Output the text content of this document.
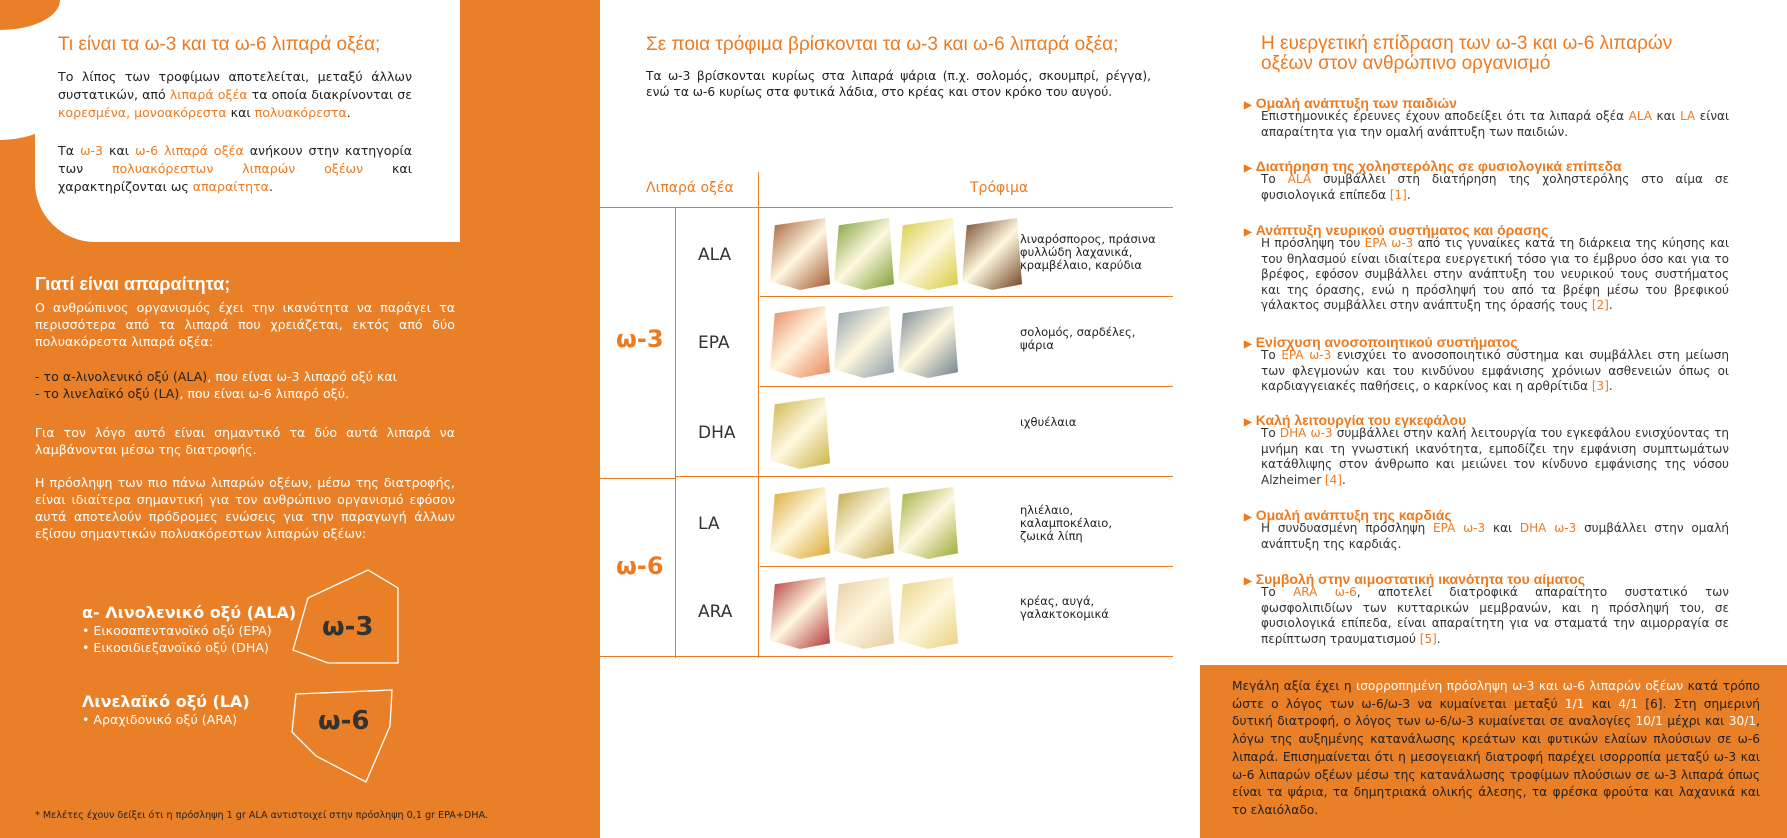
Τι είναι τα ω-3 και τα ω-6 λιπαρά οξέα;

Το λίπος των τροφίμων αποτελείται, μεταξύ άλλων συστατικών, από λιπαρά οξέα τα οποία διακρίνονται σε κορεσμένα, μονοακόρεστα και πολυακόρεστα.

Τα ω-3 και ω-6 λιπαρά οξέα ανήκουν στην κατηγορία των πολυακόρεστων λιπαρών οξέων και χαρακτηρίζονται ως απαραίτητα.

Γιατί είναι απαραίτητα;

Ο ανθρώπινος οργανισμός έχει την ικανότητα να παράγει τα περισσότερα από τα λιπαρά που χρειάζεται, εκτός από δύο πολυακόρεστα λιπαρά οξέα:

- το α-λινολενικό οξύ (ALA), που είναι ω-3 λιπαρό οξύ και
- το λινελαϊκό οξύ (LA), που είναι ω-6 λιπαρό οξύ.

Για τον λόγο αυτό είναι σημαντικό τα δύο αυτά λιπαρά να λαμβάνονται μέσω της διατροφής.

Η πρόσληψη των πιο πάνω λιπαρών οξέων, μέσω της διατροφής, είναι ιδιαίτερα σημαντική για τον ανθρώπινο οργανισμό εφόσον αυτά αποτελούν πρόδρομες ενώσεις για την παραγωγή άλλων εξίσου σημαντικών πολυακόρεστων λιπαρών οξέων:

α- Λινολενικό οξύ (ALA)
• Εικοσαπεντανοϊκό οξύ (EPA)
• Εικοσιδιεξανοϊκό οξύ (DHA)
ω-3
Λινελαϊκό οξύ (LA)
• Αραχιδονικό οξύ (ARA)	ω-6

* Μελέτες έχουν δείξει ότι η πρόσληψη 1 gr ALA αντιστοιχεί στην πρόσληψη 0,1 gr EPA+DHA.

Σε ποια τρόφιμα βρίσκονται τα ω-3 και ω-6 λιπαρά οξέα;

Τα ω-3 βρίσκονται κυρίως στα λιπαρά ψάρια (π.χ. σολομός, σκουμπρί, ρέγγα), ενώ τα ω-6 κυρίως στα φυτικά λάδια, στο κρέας και στον κρόκο του αυγού.

Λιπαρά οξέα	Τρόφιμα
ω-3
ω-6
ALA
EPA
DHA
LA
ARA
λιναρόσπορος, πράσινα
φυλλώδη λαχανικά,
κραμβέλαιο, καρύδια
σολομός, σαρδέλες,
ψάρια
ιχθυέλαια
ηλιέλαιο,
καλαμποκέλαιο,
ζωικά λίπη
κρέας, αυγά,
γαλακτοκομικά
Η ευεργετική επίδραση των ω-3 και ω-6 λιπαρών
οξέων στον ανθρώπινο οργανισμό
▶ Ομαλή ανάπτυξη των παιδιών
Επιστημονικές έρευνες έχουν αποδείξει ότι τα λιπαρά οξέα ALA και LA είναι απαραίτητα για την ομαλή ανάπτυξη των παιδιών.
▶ Διατήρηση της χοληστερόλης σε φυσιολογικά επίπεδα
Το ALA συμβάλλει στη διατήρηση της χοληστερόλης στο αίμα σε φυσιολογικά επίπεδα [1].
▶ Ανάπτυξη νευρικού συστήματος και όρασης
Η πρόσληψη του EPA ω-3 από τις γυναίκες κατά τη διάρκεια της κύησης και του θηλασμού είναι ιδιαίτερα ευεργετική τόσο για το έμβρυο όσο και για το βρέφος, εφόσον συμβάλλει στην ανάπτυξη του νευρικού τους συστήματος και της όρασης, ενώ η πρόσληψή του από τα βρέφη μέσω του βρεφικού γάλακτος συμβάλλει στην ανάπτυξη της όρασής τους [2].
▶ Ενίσχυση ανοσοποιητικού συστήματος
Το EPA ω-3 ενισχύει το ανοσοποιητικό σύστημα και συμβάλλει στη μείωση των φλεγμονών και του κινδύνου εμφάνισης χρόνιων ασθενειών όπως οι καρδιαγγειακές παθήσεις, ο καρκίνος και η αρθρίτιδα [3].
▶ Καλή λειτουργία του εγκεφάλου
Το DHA ω-3 συμβάλλει στην καλή λειτουργία του εγκεφάλου ενισχύοντας τη μνήμη και τη γνωστική ικανότητα, εμποδίζει την εμφάνιση συμπτωμάτων κατάθλιψης στον άνθρωπο και μειώνει τον κίνδυνο εμφάνισης της νόσου Alzheimer [4].
▶ Ομαλή ανάπτυξη της καρδιάς
Η συνδυασμένη πρόσληψη EPA ω-3 και DHA ω-3 συμβάλλει στην ομαλή ανάπτυξη της καρδιάς.
▶ Συμβολή στην αιμοστατική ικανότητα του αίματος
Το ARA ω-6, αποτελεί διατροφικά απαραίτητο συστατικό των φωσφολιπιδίων των κυτταρικών μεμβρανών, και η πρόσληψή του, σε φυσιολογικά επίπεδα, είναι απαραίτητη για να σταματά την αιμορραγία σε περίπτωση τραυματισμού [5].

Μεγάλη αξία έχει η ισορροπημένη πρόσληψη ω-3 και ω-6 λιπαρών οξέων κατά τρόπο ώστε ο λόγος των ω-6/ω-3 να κυμαίνεται μεταξύ 1/1 και 4/1 [6]. Στη σημερινή δυτική διατροφή, ο λόγος των ω-6/ω-3 κυμαίνεται σε αναλογίες 10/1 μέχρι και 30/1, λόγω της αυξημένης κατανάλωσης κρεάτων και φυτικών ελαίων πλούσιων σε ω-6 λιπαρά. Επισημαίνεται ότι η μεσογειακή διατροφή παρέχει ισορροπία μεταξύ ω-3 και ω-6 λιπαρών οξέων μέσω της κατανάλωσης τροφίμων πλούσιων σε ω-3 λιπαρά όπως είναι τα ψάρια, τα δημητριακά ολικής άλεσης, τα φρέσκα φρούτα και λαχανικά και το ελαιόλαδο.
